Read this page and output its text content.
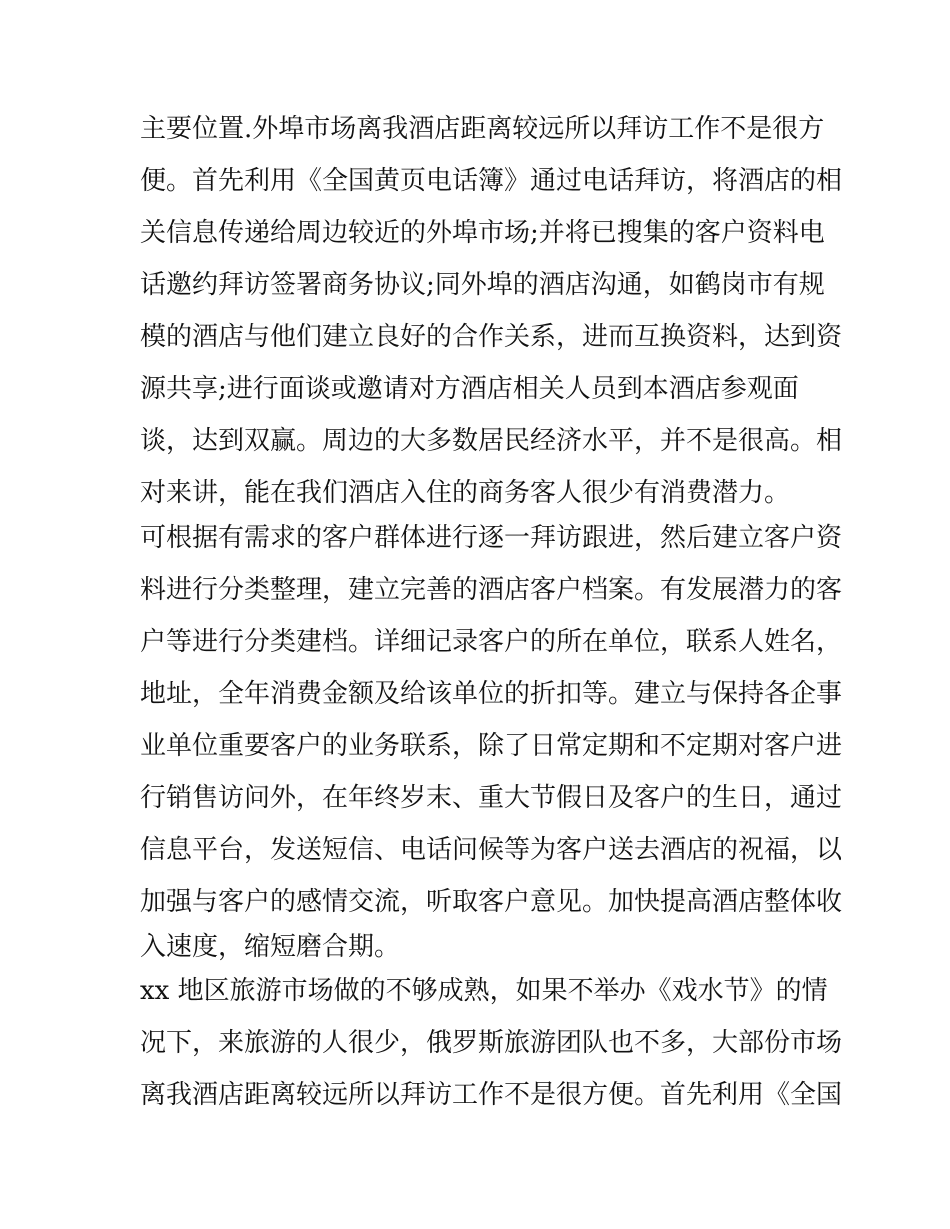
主要位置.外埠市场离我酒店距离较远所以拜访工作不是很方
便。首先利用《全国黄页电话簿》通过电话拜访，将酒店的相
关信息传递给周边较近的外埠市场;并将已搜集的客户资料电
话邀约拜访签署商务协议;同外埠的酒店沟通，如鹤岗市有规
模的酒店与他们建立良好的合作关系，进而互换资料，达到资
源共享;进行面谈或邀请对方酒店相关人员到本酒店参观面
谈，达到双赢。周边的大多数居民经济水平，并不是很高。相
对来讲，能在我们酒店入住的商务客人很少有消费潜力。
可根据有需求的客户群体进行逐一拜访跟进，然后建立客户资
料进行分类整理，建立完善的酒店客户档案。有发展潜力的客
户等进行分类建档。详细记录客户的所在单位，联系人姓名，
地址，全年消费金额及给该单位的折扣等。建立与保持各企事
业单位重要客户的业务联系，除了日常定期和不定期对客户进
行销售访问外，在年终岁末、重大节假日及客户的生日，通过
信息平台，发送短信、电话问候等为客户送去酒店的祝福，以
加强与客户的感情交流，听取客户意见。加快提高酒店整体收
入速度，缩短磨合期。
xx 地区旅游市场做的不够成熟，如果不举办《戏水节》的情
况下，来旅游的人很少，俄罗斯旅游团队也不多，大部份市场
离我酒店距离较远所以拜访工作不是很方便。首先利用《全国
